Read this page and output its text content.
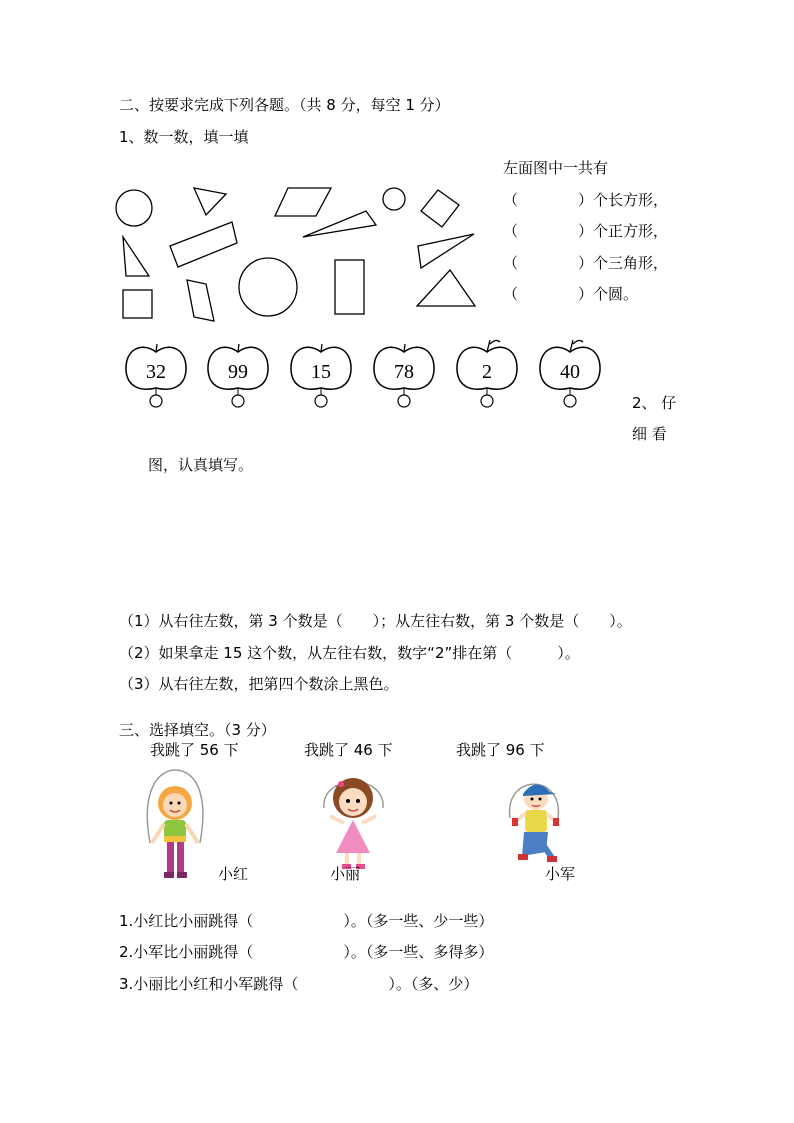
二、按要求完成下列各题。（共 8 分，每空 1 分）
1、数一数，填一填
左面图中一共有
（　　　　）个长方形，
（　　　　）个正方形，
（　　　　）个三角形，
（　　　　）个圆。
32	99	15	78	2	40
2、 仔
细 看
图，认真填写。
（1）从右往左数，第 3 个数是（　　）；从左往右数，第 3 个数是（　　）。
（2）如果拿走 15 这个数，从左往右数，数字“2”排在第（　　　）。
（3）从右往左数，把第四个数涂上黑色。
三、选择填空。（3 分）
我跳了 56 下	我跳了 46 下	我跳了 96 下
小红	小丽	小军
1.小红比小丽跳得（　　　　　　）。（多一些、少一些）
2.小军比小丽跳得（　　　　　　）。（多一些、多得多）
3.小丽比小红和小军跳得（　　　　　　）。（多、少）
